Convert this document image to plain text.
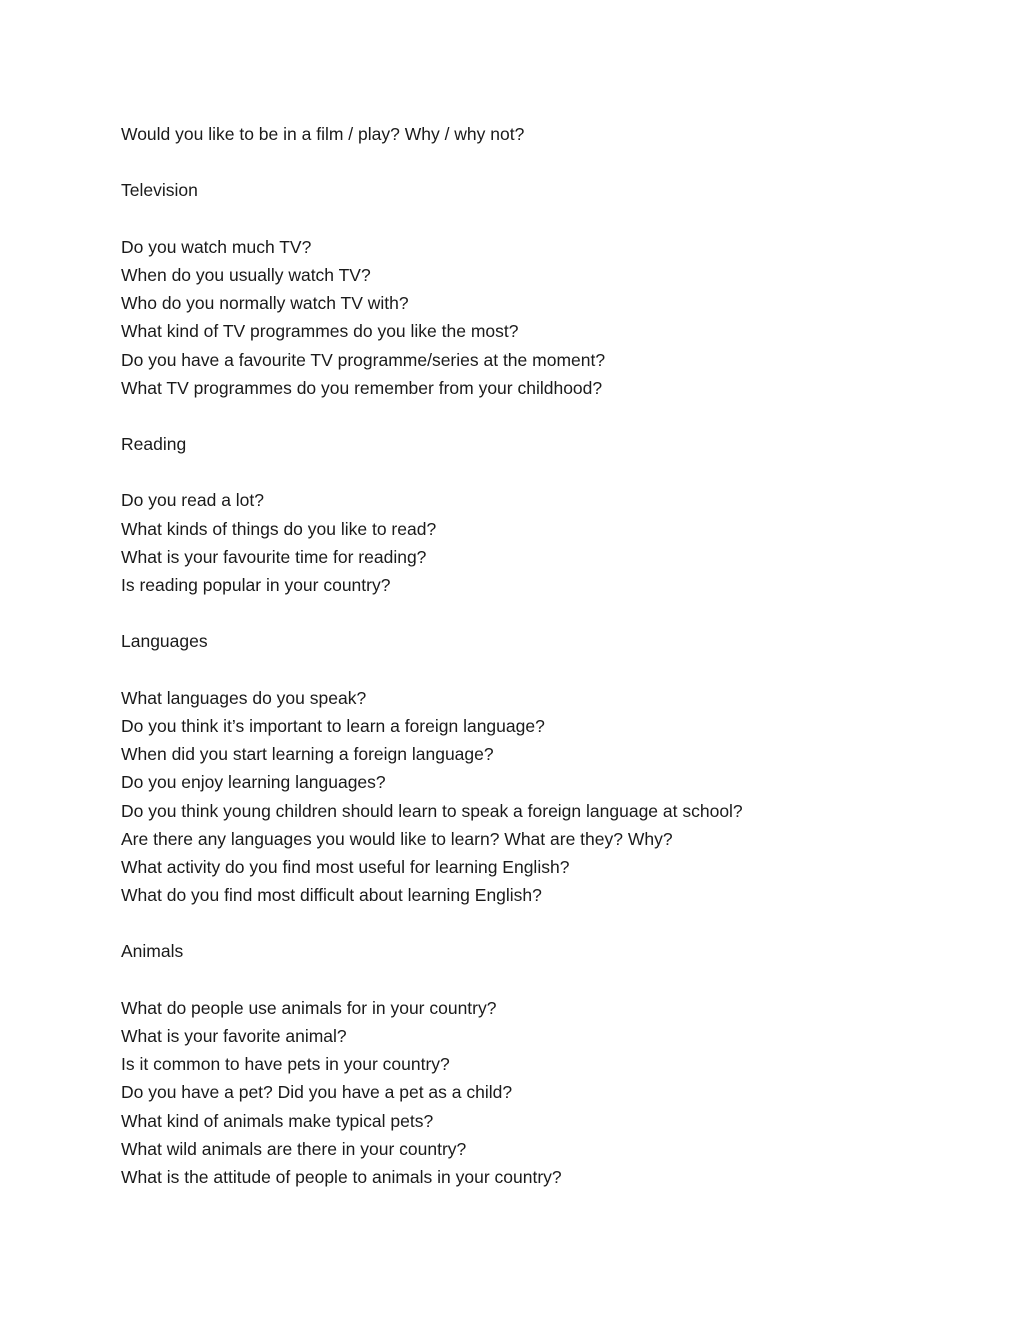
Would you like to be in a film / play? Why / why not?
Television
Do you watch much TV?
When do you usually watch TV?
Who do you normally watch TV with?
What kind of TV programmes do you like the most?
Do you have a favourite TV programme/series at the moment?
What TV programmes do you remember from your childhood?
Reading
Do you read a lot?
What kinds of things do you like to read?
What is your favourite time for reading?
Is reading popular in your country?
Languages
What languages do you speak?
Do you think it’s important to learn a foreign language?
When did you start learning a foreign language?
Do you enjoy learning languages?
Do you think young children should learn to speak a foreign language at school?
Are there any languages you would like to learn? What are they? Why?
What activity do you find most useful for learning English?
What do you find most difficult about learning English?
Animals
What do people use animals for in your country?
What is your favorite animal?
Is it common to have pets in your country?
Do you have a pet? Did you have a pet as a child?
What kind of animals make typical pets?
What wild animals are there in your country?
What is the attitude of people to animals in your country?
